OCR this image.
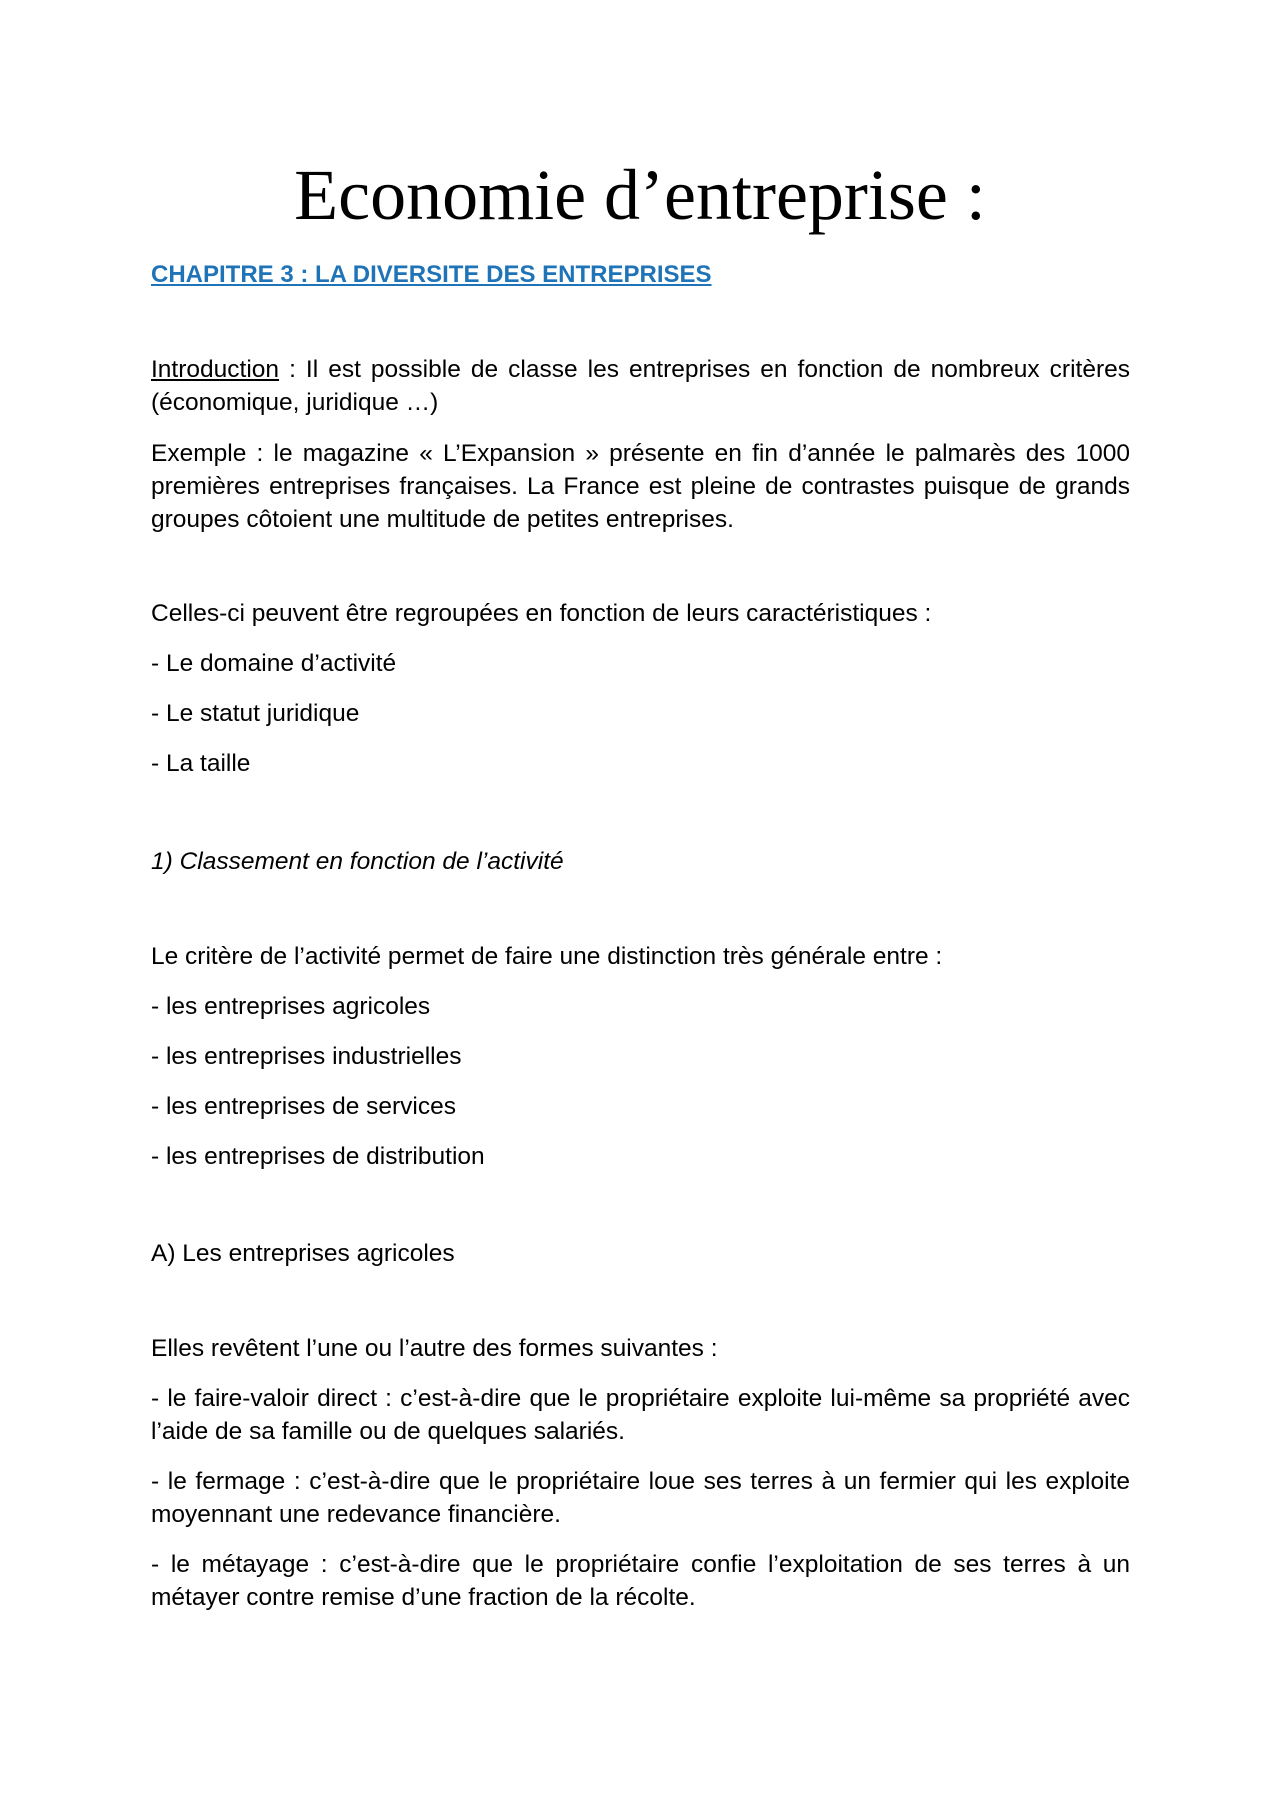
Economie d’entreprise :

CHAPITRE 3 : LA DIVERSITE DES ENTREPRISES

Introduction : Il est possible de classe les entreprises en fonction de nombreux critères (économique, juridique …)

Exemple : le magazine « L’Expansion » présente en fin d’année le palmarès des 1000 premières entreprises françaises. La France est pleine de contrastes puisque de grands groupes côtoient une multitude de petites entreprises.

Celles-ci peuvent être regroupées en fonction de leurs caractéristiques :

- Le domaine d’activité

- Le statut juridique

- La taille

1) Classement en fonction de l’activité

Le critère de l’activité permet de faire une distinction très générale entre :

- les entreprises agricoles

- les entreprises industrielles

- les entreprises de services

- les entreprises de distribution

A) Les entreprises agricoles

Elles revêtent l’une ou l’autre des formes suivantes :

- le faire-valoir direct : c’est-à-dire que le propriétaire exploite lui-même sa propriété avec l’aide de sa famille ou de quelques salariés.

- le fermage : c’est-à-dire que le propriétaire loue ses terres à un fermier qui les exploite moyennant une redevance financière.

- le métayage : c’est-à-dire que le propriétaire confie l’exploitation de ses terres à un métayer contre remise d’une fraction de la récolte.
